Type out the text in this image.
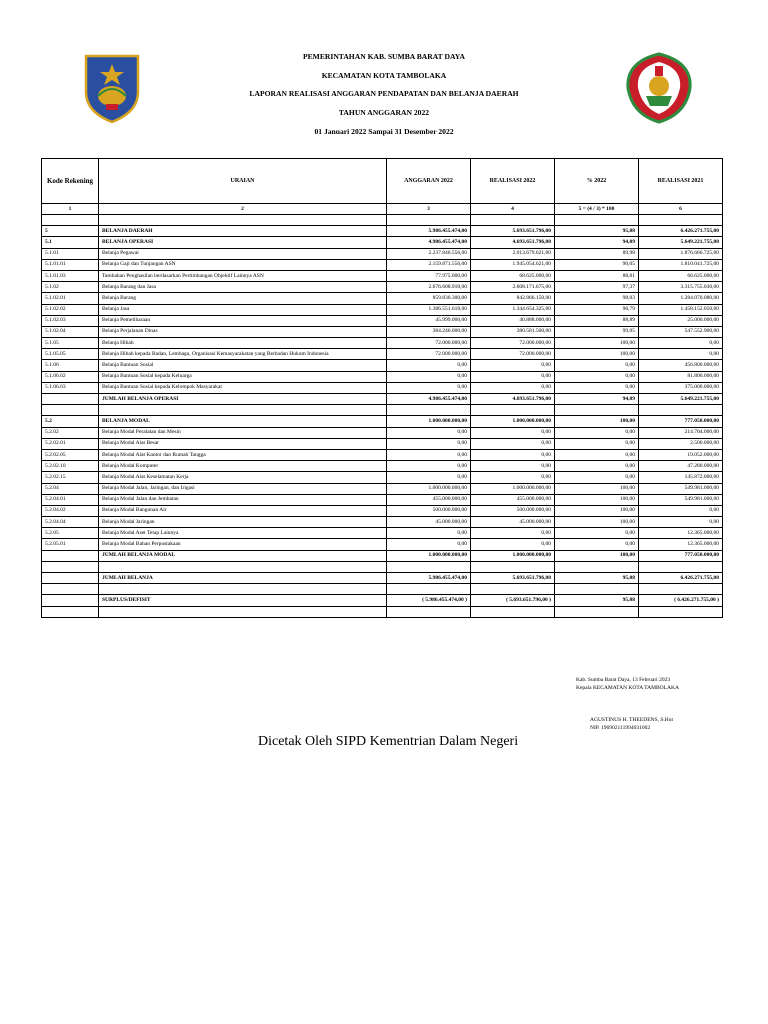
PEMERINTAHAN KAB. SUMBA BARAT DAYA
KECAMATAN KOTA TAMBOLAKA
LAPORAN REALISASI ANGGARAN PENDAPATAN DAN BELANJA DAERAH
TAHUN ANGGARAN 2022
01 Januari 2022 Sampai 31 Desember 2022
Kode Rekening	URAIAN	ANGGARAN 2022	REALISASI 2022	% 2022	REALISASI 2021
1	2	3	4	5 = (4 / 3) * 100	6

5	BELANJA DAERAH	5.986.455.474,00	5.693.651.796,00	95,08	6.426.271.755,00
5.1	BELANJA OPERASI	4.986.455.474,00	4.693.651.796,00	94,09	5.649.221.755,00
5.1.01	Belanja Pegawai	2.237.846.556,00	2.013.679.621,00	89,98	1.876.666.725,00
5.1.01.01	Belanja Gaji dan Tunjangan ASN	2.159.871.556,00	1.945.054.621,00	90,05	1.810.041.725,00
5.1.01.03	Tambahan Penghasilan berdasarkan Pertimbangan Objektif Lainnya ASN	77.975.000,00	68.625.000,00	88,01	66.625.000,00
5.1.02	Belanja Barang dan Jasa	2.676.608.918,00	2.608.171.675,00	97,37	3.315.755.030,00
5.1.02.01	Belanja Barang	859.830.300,00	842.866.150,00	98,03	1.284.070.080,00
5.1.02.02	Belanja Jasa	1.386.551.618,00	1.344.654.325,00	96,79	1.458.152.050,00
5.1.02.03	Belanja Pemeliharaan	45.999.000,00	40.888.000,00	88,89	25.000.000,00
5.1.02.04	Belanja Perjalanan Dinas	384.246.000,00	380.581.500,00	99,05	547.552.900,00
5.1.05	Belanja Hibah	72.000.000,00	72.000.000,00	100,00	0,00
5.1.05.05	Belanja Hibah kepada Badan, Lembaga, Organisasi Kemasyarakatan yang Berbadan Hukum Indonesia	72.000.000,00	72.000.000,00	100,00	0,00
5.1.06	Belanja Bantuan Sosial	0,00	0,00	0,00	456.800.000,00
5.1.06.02	Belanja Bantuan Sosial kepada Keluarga	0,00	0,00	0,00	81.800.000,00
5.1.06.03	Belanja Bantuan Sosial kepada Kelompok Masyarakat	0,00	0,00	0,00	375.000.000,00
	JUMLAH BELANJA OPERASI	4.986.455.474,00	4.693.651.796,00	94,09	5.649.221.755,00

5.2	BELANJA MODAL	1.000.000.000,00	1.000.000.000,00	100,00	777.050.000,00
5.2.02	Belanja Modal Peralatan dan Mesin	0,00	0,00	0,00	214.704.000,00
5.2.02.01	Belanja Modal Alat Besar	0,00	0,00	0,00	2.500.000,00
5.2.02.05	Belanja Modal Alat Kantor dan Rumah Tangga	0,00	0,00	0,00	19.052.000,00
5.2.02.10	Belanja Modal Komputer	0,00	0,00	0,00	47.280.000,00
5.2.02.15	Belanja Modal Alat Keselamatan Kerja	0,00	0,00	0,00	145.872.000,00
5.2.04	Belanja Modal Jalan, Jaringan, dan Irigasi	1.000.000.000,00	1.000.000.000,00	100,00	549.981.000,00
5.2.04.01	Belanja Modal Jalan dan Jembatan	455.000.000,00	455.000.000,00	100,00	549.981.000,00
5.2.04.02	Belanja Modal Bangunan Air	500.000.000,00	500.000.000,00	100,00	0,00
5.2.04.04	Belanja Modal Jaringan	45.000.000,00	45.000.000,00	100,00	0,00
5.2.05	Belanja Modal Aset Tetap Lainnya	0,00	0,00	0,00	12.365.000,00
5.2.05.01	Belanja Modal Bahan Perpustakaan	0,00	0,00	0,00	12.365.000,00
	JUMLAH BELANJA MODAL	1.000.000.000,00	1.000.000.000,00	100,00	777.050.000,00

	JUMLAH BELANJA	5.986.455.474,00	5.693.651.796,00	95,08	6.426.271.755,00

	SURPLUS/DEFISIT	( 5.986.455.474,00 )	( 5.693.651.796,00 )	95,08	( 6.426.271.755,00 )

Kab. Sumba Barat Daya, 13 Februari 2023
Kepala KECAMATAN KOTA TAMBOLAKA
AGUSTINUS H. THEEDENS, S.Hut
NIP. 196902111994031002
Dicetak Oleh SIPD Kementrian Dalam Negeri
